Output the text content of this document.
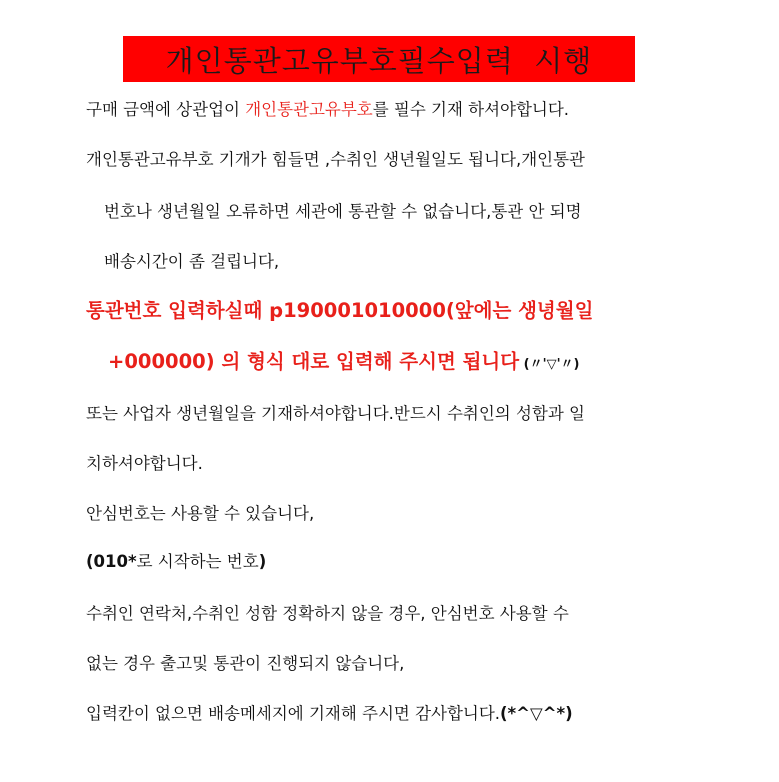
개인통관고유부호필수입력  시행
구매 금액에 상관업이 개인통관고유부호를 필수 기재 하셔야합니다.
개인통관고유부호 기개가 힘들면 ,수취인 생년월일도 됩니다,개인통관
번호나 생년월일 오류하면 세관에 통관할 수 없습니다,통관 안 되명
배송시간이 좀 걸립니다,
통관번호 입력하실때 p190001010000(앞에는 생녕월일
+000000) 의 형식 대로 입력해 주시면 됩니다 (〃'▽'〃)
또는 사업자 생년월일을 기재하셔야합니다.반드시 수취인의 성함과 일
치하셔야합니다.
안심번호는 사용할 수 있습니다,
(010*로 시작하는 번호)
수취인 연락처,수취인 성함 정확하지 않을 경우, 안심번호 사용할 수
없는 경우 출고및 통관이 진행되지 않습니다,
입력칸이 없으면 배송메세지에 기재해 주시면 감사합니다.(*^▽^*)
